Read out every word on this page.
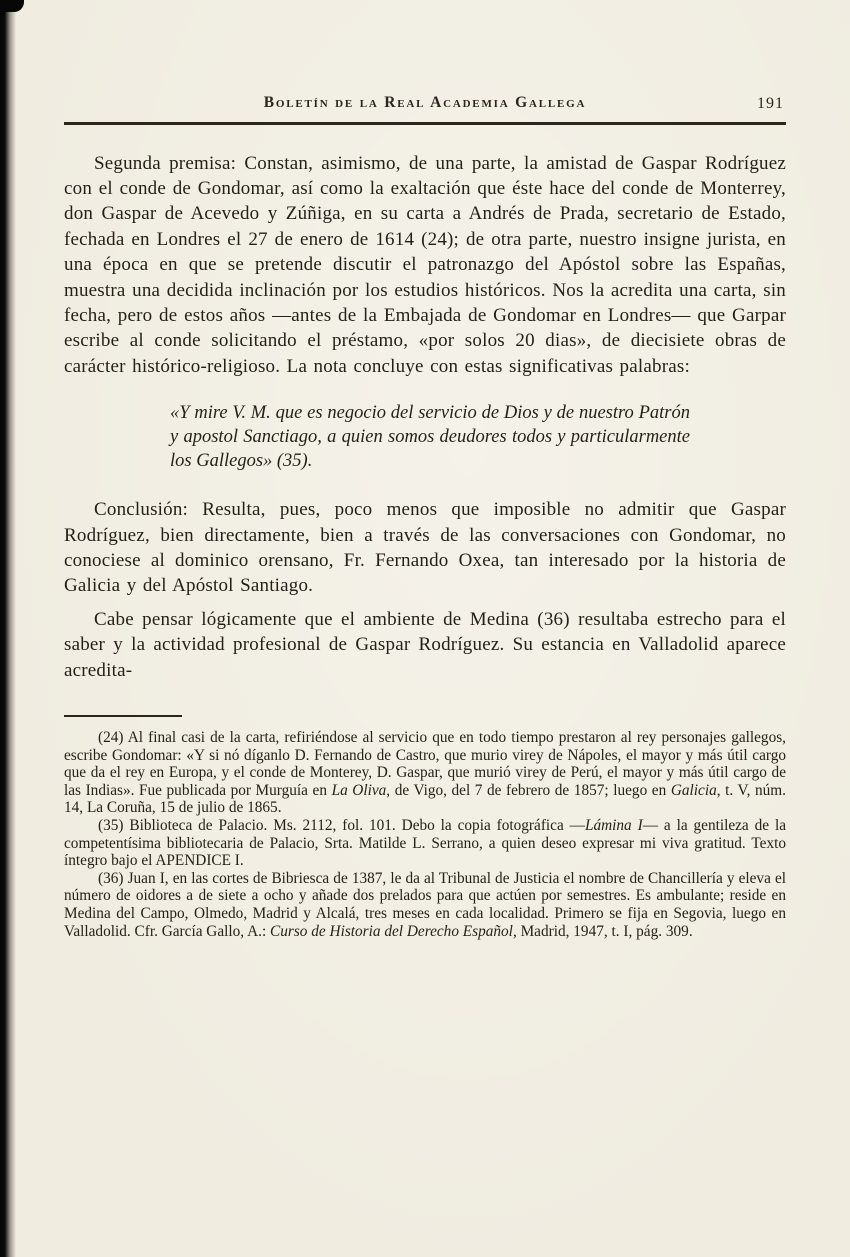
Boletín de la Real Academia Gallega	191

Segunda premisa: Constan, asimismo, de una parte, la amistad de Gaspar Rodríguez con el conde de Gondomar, así como la exaltación que éste hace del conde de Monterrey, don Gaspar de Acevedo y Zúñiga, en su carta a Andrés de Prada, secretario de Estado, fechada en Londres el 27 de enero de 1614 (24); de otra parte, nuestro insigne jurista, en una época en que se pretende discutir el patronazgo del Apóstol sobre las Españas, muestra una decidida inclinación por los estudios históricos. Nos la acredita una carta, sin fecha, pero de estos años —antes de la Embajada de Gondomar en Londres— que Garpar escribe al conde solicitando el préstamo, «por solos 20 dias», de diecisiete obras de carácter histórico-religioso. La nota concluye con estas significativas palabras:

«Y mire V. M. que es negocio del servicio de Dios y de nuestro Patrón y apostol Sanctiago, a quien somos deudores todos y particularmente los Gallegos» (35).

Conclusión: Resulta, pues, poco menos que imposible no admitir que Gaspar Rodríguez, bien directamente, bien a través de las conversaciones con Gondomar, no conociese al dominico orensano, Fr. Fernando Oxea, tan interesado por la historia de Galicia y del Apóstol Santiago.

Cabe pensar lógicamente que el ambiente de Medina (36) resultaba estrecho para el saber y la actividad profesional de Gaspar Rodríguez. Su estancia en Valladolid aparece acredita-

(24) Al final casi de la carta, refiriéndose al servicio que en todo tiempo prestaron al rey personajes gallegos, escribe Gondomar: «Y si nó díganlo D. Fernando de Castro, que murio virey de Nápoles, el mayor y más útil cargo que da el rey en Europa, y el conde de Monterey, D. Gaspar, que murió virey de Perú, el mayor y más útil cargo de las Indias». Fue publicada por Murguía en La Oliva, de Vigo, del 7 de febrero de 1857; luego en Galicia, t. V, núm. 14, La Coruña, 15 de julio de 1865.

(35) Biblioteca de Palacio. Ms. 2112, fol. 101. Debo la copia fotográfica —Lámina I— a la gentileza de la competentísima bibliotecaria de Palacio, Srta. Matilde L. Serrano, a quien deseo expresar mi viva gratitud. Texto íntegro bajo el APENDICE I.

(36) Juan I, en las cortes de Bibriesca de 1387, le da al Tribunal de Justicia el nombre de Chancillería y eleva el número de oidores a de siete a ocho y añade dos prelados para que actúen por semestres. Es ambulante; reside en Medina del Campo, Olmedo, Madrid y Alcalá, tres meses en cada localidad. Primero se fija en Segovia, luego en Valladolid. Cfr. García Gallo, A.: Curso de Historia del Derecho Español, Madrid, 1947, t. I, pág. 309.
